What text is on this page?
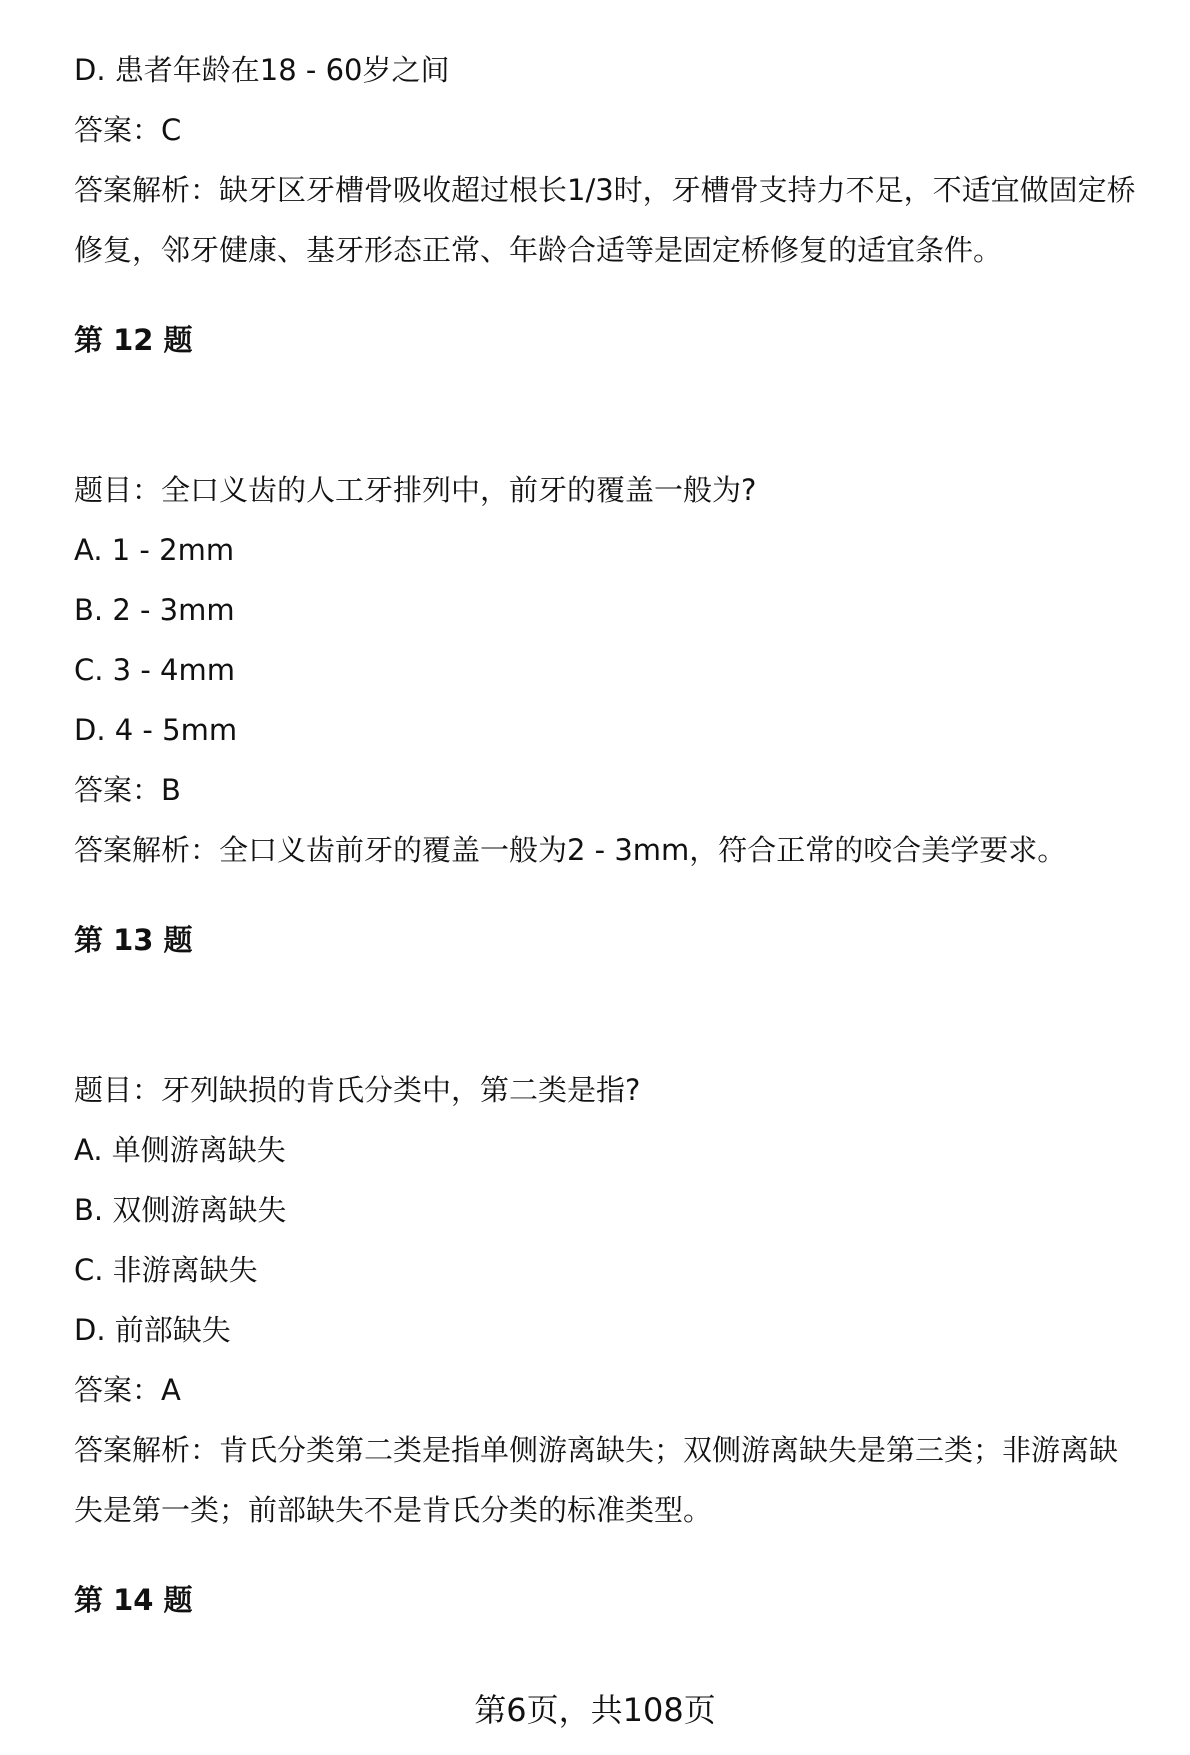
D. 患者年龄在18 - 60岁之间
答案：C
答案解析：缺牙区牙槽骨吸收超过根长1/3时，牙槽骨支持力不足，不适宜做固定桥
修复，邻牙健康、基牙形态正常、年龄合适等是固定桥修复的适宜条件。
第 12 题
题目：全口义齿的人工牙排列中，前牙的覆盖一般为?
A. 1 - 2mm
B. 2 - 3mm
C. 3 - 4mm
D. 4 - 5mm
答案：B
答案解析：全口义齿前牙的覆盖一般为2 - 3mm，符合正常的咬合美学要求。
第 13 题
题目：牙列缺损的肯氏分类中，第二类是指?
A. 单侧游离缺失
B. 双侧游离缺失
C. 非游离缺失
D. 前部缺失
答案：A
答案解析：肯氏分类第二类是指单侧游离缺失；双侧游离缺失是第三类；非游离缺
失是第一类；前部缺失不是肯氏分类的标准类型。
第 14 题
第6页，共108页
